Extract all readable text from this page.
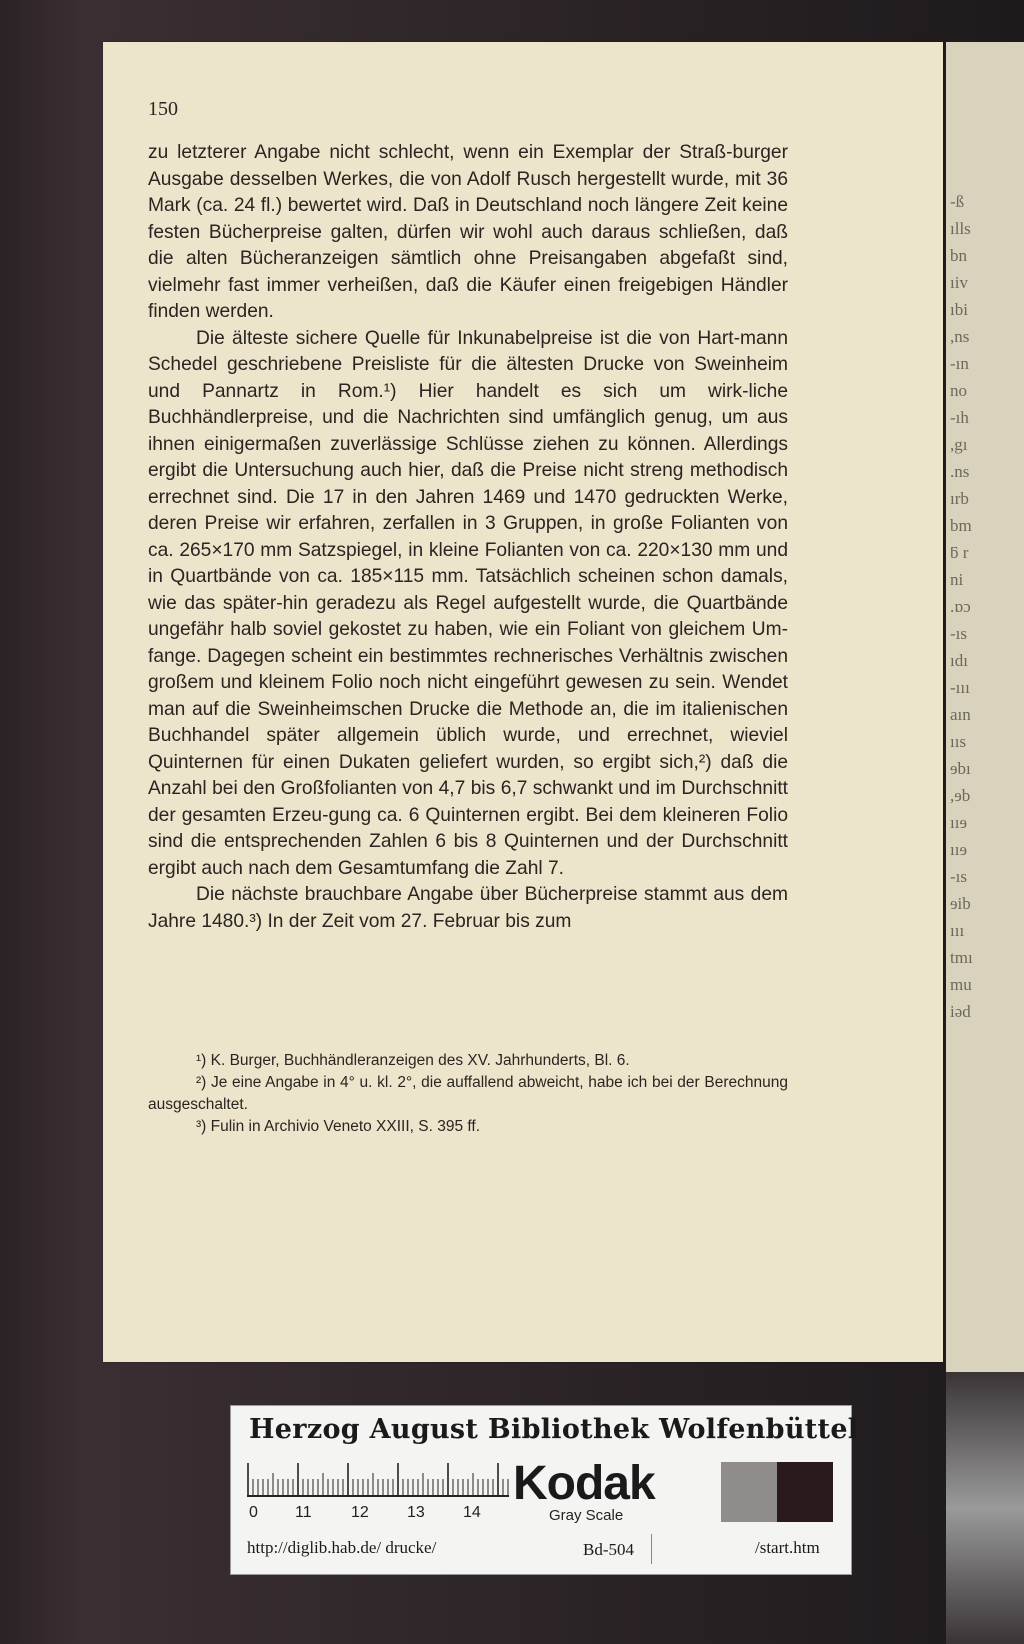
-ß
ılls
bn
ıiv
ıbi
,ns
-ın
no
-ıh
,gı
.ns
ırb
bm
ƃ r
ni
.ɒɔ
-ıs
ıdı
-ııı
aın
ııs
ɘbı
,ɘb
ııɘ
ııɘ
-ıs
ɘib
ııı
tmı
mu
iəd
150

zu letzterer Angabe nicht schlecht, wenn ein Exemplar der Straß-burger Ausgabe desselben Werkes, die von Adolf Rusch hergestellt wurde, mit 36 Mark (ca. 24 fl.) bewertet wird. Daß in Deutschland noch längere Zeit keine festen Bücherpreise galten, dürfen wir wohl auch daraus schließen, daß die alten Bücheranzeigen sämtlich ohne Preisangaben abgefaßt sind, vielmehr fast immer verheißen, daß die Käufer einen freigebigen Händler finden werden.

Die älteste sichere Quelle für Inkunabelpreise ist die von Hart-mann Schedel geschriebene Preisliste für die ältesten Drucke von Sweinheim und Pannartz in Rom.¹) Hier handelt es sich um wirk-liche Buchhändlerpreise, und die Nachrichten sind umfänglich genug, um aus ihnen einigermaßen zuverlässige Schlüsse ziehen zu können. Allerdings ergibt die Untersuchung auch hier, daß die Preise nicht streng methodisch errechnet sind. Die 17 in den Jahren 1469 und 1470 gedruckten Werke, deren Preise wir erfahren, zerfallen in 3 Gruppen, in große Folianten von ca. 265×170 mm Satzspiegel, in kleine Folianten von ca. 220×130 mm und in Quartbände von ca. 185×115 mm. Tatsächlich scheinen schon damals, wie das später-hin geradezu als Regel aufgestellt wurde, die Quartbände ungefähr halb soviel gekostet zu haben, wie ein Foliant von gleichem Um-fange. Dagegen scheint ein bestimmtes rechnerisches Verhältnis zwischen großem und kleinem Folio noch nicht eingeführt gewesen zu sein. Wendet man auf die Sweinheimschen Drucke die Methode an, die im italienischen Buchhandel später allgemein üblich wurde, und errechnet, wieviel Quinternen für einen Dukaten geliefert wurden, so ergibt sich,²) daß die Anzahl bei den Großfolianten von 4,7 bis 6,7 schwankt und im Durchschnitt der gesamten Erzeu-gung ca. 6 Quinternen ergibt. Bei dem kleineren Folio sind die entsprechenden Zahlen 6 bis 8 Quinternen und der Durchschnitt ergibt auch nach dem Gesamtumfang die Zahl 7.

Die nächste brauchbare Angabe über Bücherpreise stammt aus dem Jahre 1480.³) In der Zeit vom 27. Februar bis zum

¹) K. Burger, Buchhändleranzeigen des XV. Jahrhunderts, Bl. 6.

²) Je eine Angabe in 4° u. kl. 2°, die auffallend abweicht, habe ich bei der Berechnung ausgeschaltet.

³) Fulin in Archivio Veneto XXIII, S. 395 ff.

Herzog August Bibliothek Wolfenbüttel
0 11 12 13 14
Kodak
Gray Scale
http://diglib.hab.de/ drucke/	Bd-504	/start.htm
